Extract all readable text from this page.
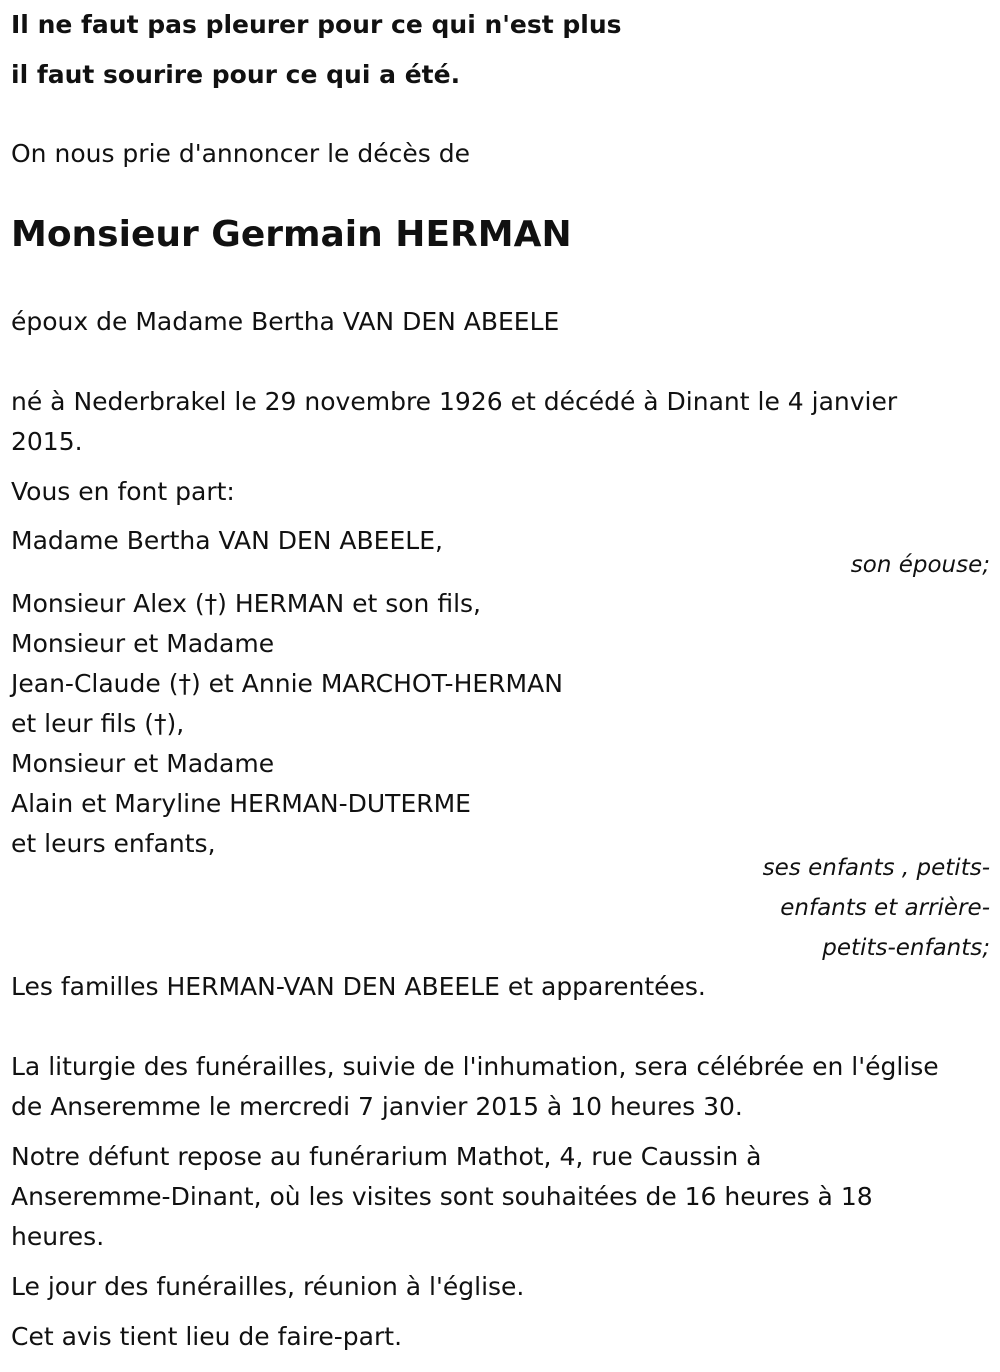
Il ne faut pas pleurer pour ce qui n'est plus
il faut sourire pour ce qui a été.
On nous prie d'annoncer le décès de
Monsieur Germain HERMAN
époux de Madame Bertha VAN DEN ABEELE
né à Nederbrakel le 29 novembre 1926 et décédé à Dinant le 4 janvier
2015.
Vous en font part:
Madame Bertha VAN DEN ABEELE,
son épouse;
Monsieur Alex (†) HERMAN et son fils,
Monsieur et Madame
Jean-Claude (†) et Annie MARCHOT-HERMAN
et leur fils (†),
Monsieur et Madame
Alain et Maryline HERMAN-DUTERME
et leurs enfants,
ses enfants , petits-
enfants et arrière-
petits-enfants;
Les familles HERMAN-VAN DEN ABEELE et apparentées.
La liturgie des funérailles, suivie de l'inhumation, sera célébrée en l'église
de Anseremme le mercredi 7 janvier 2015 à 10 heures 30.
Notre défunt repose au funérarium Mathot, 4, rue Caussin à
Anseremme-Dinant, où les visites sont souhaitées de 16 heures à 18
heures.
Le jour des funérailles, réunion à l'église.
Cet avis tient lieu de faire-part.
